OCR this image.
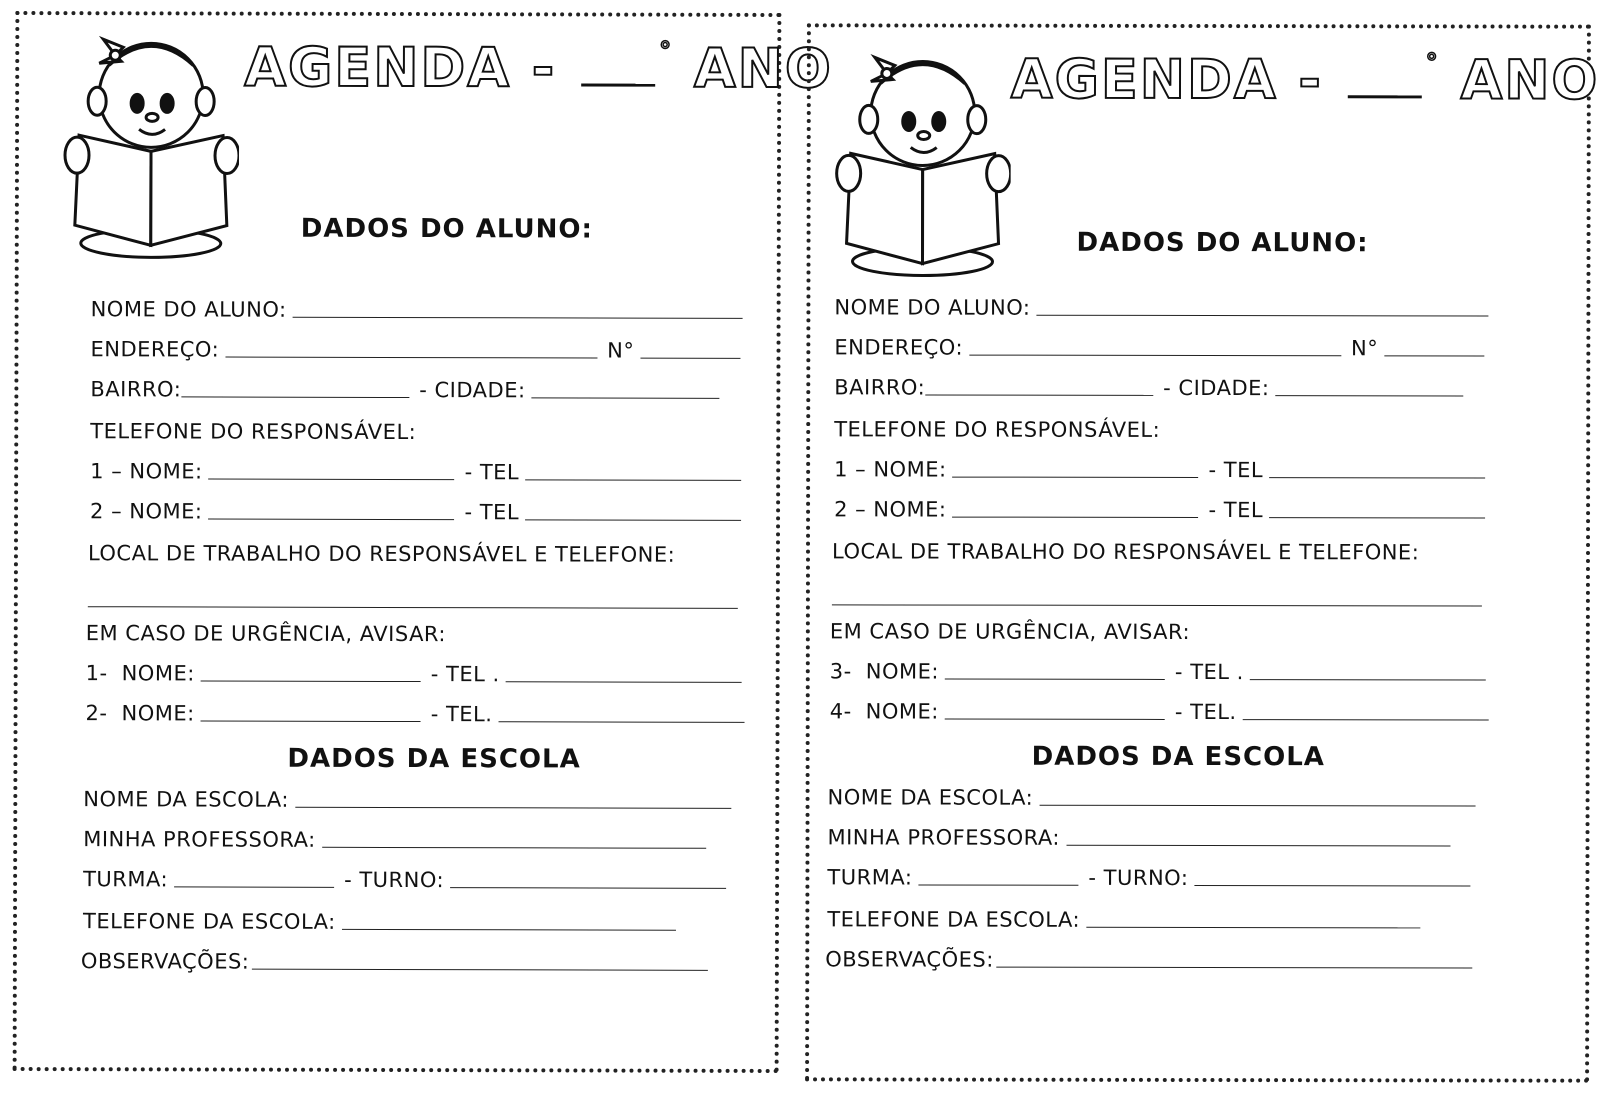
AGENDA -	° ANO
DADOS DO ALUNO:
NOME DO ALUNO:
ENDEREÇO:	N°
BAIRRO:	- CIDADE:
TELEFONE DO RESPONSÁVEL:
1 – NOME:	- TEL
2 – NOME:	- TEL
LOCAL DE TRABALHO DO RESPONSÁVEL E TELEFONE:
EM CASO DE URGÊNCIA, AVISAR:
1- NOME:	- TEL .
2- NOME:	- TEL.
DADOS DA ESCOLA
NOME DA ESCOLA:
MINHA PROFESSORA:
TURMA:	- TURNO:
TELEFONE DA ESCOLA:
OBSERVAÇÕES:
AGENDA -	° ANO
DADOS DO ALUNO:
NOME DO ALUNO:
ENDEREÇO:	N°
BAIRRO:	- CIDADE:
TELEFONE DO RESPONSÁVEL:
1 – NOME:	- TEL
2 – NOME:	- TEL
LOCAL DE TRABALHO DO RESPONSÁVEL E TELEFONE:
EM CASO DE URGÊNCIA, AVISAR:
3- NOME:	- TEL .
4- NOME:	- TEL.
DADOS DA ESCOLA
NOME DA ESCOLA:
MINHA PROFESSORA:
TURMA:	- TURNO:
TELEFONE DA ESCOLA:
OBSERVAÇÕES:
